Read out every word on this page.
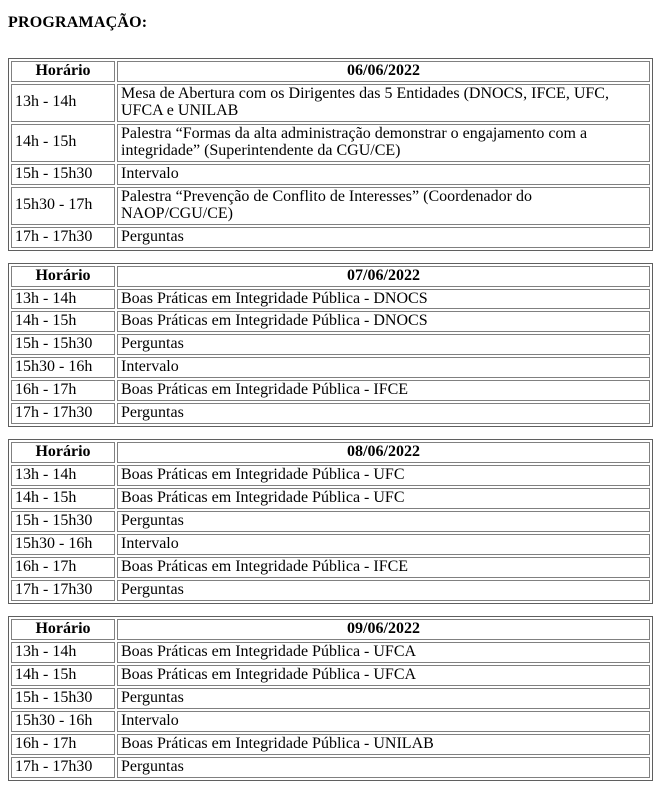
PROGRAMAÇÃO:
Horário	06/06/2022
13h - 14h	Mesa de Abertura com os Dirigentes das 5 Entidades (DNOCS, IFCE, UFC, UFCA e UNILAB
14h - 15h	Palestra “Formas da alta administração demonstrar o engajamento com a integridade” (Superintendente da CGU/CE)
15h - 15h30	Intervalo
15h30 - 17h	Palestra “Prevenção de Conflito de Interesses” (Coordenador do NAOP/CGU/CE)
17h - 17h30	Perguntas
Horário	07/06/2022
13h - 14h	Boas Práticas em Integridade Pública - DNOCS
14h - 15h	Boas Práticas em Integridade Pública - DNOCS
15h - 15h30	Perguntas
15h30 - 16h	Intervalo
16h - 17h	Boas Práticas em Integridade Pública - IFCE
17h - 17h30	Perguntas
Horário	08/06/2022
13h - 14h	Boas Práticas em Integridade Pública - UFC
14h - 15h	Boas Práticas em Integridade Pública - UFC
15h - 15h30	Perguntas
15h30 - 16h	Intervalo
16h - 17h	Boas Práticas em Integridade Pública - IFCE
17h - 17h30	Perguntas
Horário	09/06/2022
13h - 14h	Boas Práticas em Integridade Pública - UFCA
14h - 15h	Boas Práticas em Integridade Pública - UFCA
15h - 15h30	Perguntas
15h30 - 16h	Intervalo
16h - 17h	Boas Práticas em Integridade Pública - UNILAB
17h - 17h30	Perguntas
